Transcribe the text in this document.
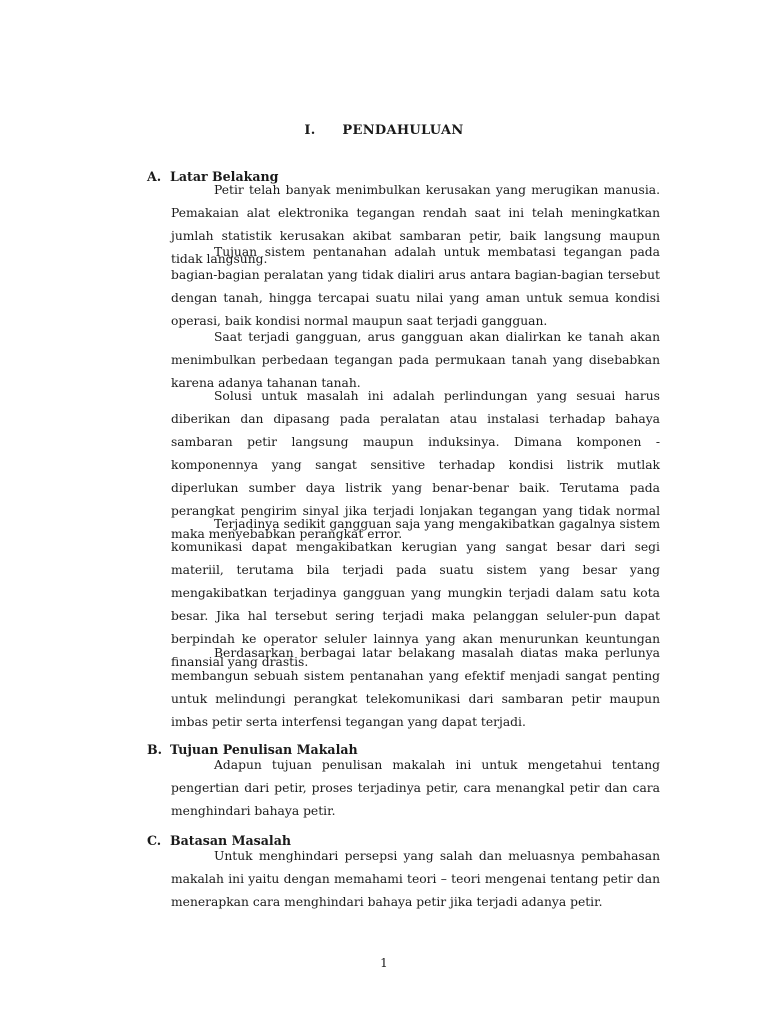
I. PENDAHULUAN
A. Latar Belakang

Petir telah banyak menimbulkan kerusakan yang merugikan manusia. Pemakaian alat elektronika tegangan rendah saat ini telah meningkatkan jumlah statistik kerusakan akibat sambaran petir, baik langsung maupun tidak langsung.

Tujuan sistem pentanahan adalah untuk membatasi tegangan pada bagian-bagian peralatan yang tidak dialiri arus antara bagian-bagian tersebut dengan tanah, hingga tercapai suatu nilai yang aman untuk semua kondisi operasi, baik kondisi normal maupun saat terjadi gangguan.

Saat terjadi gangguan, arus gangguan akan dialirkan ke tanah akan menimbulkan perbedaan tegangan pada permukaan tanah yang disebabkan karena adanya tahanan tanah.

Solusi untuk masalah ini adalah perlindungan yang sesuai harus diberikan dan dipasang pada peralatan atau instalasi terhadap bahaya sambaran petir langsung maupun induksinya. Dimana komponen - komponennya yang sangat sensitive terhadap kondisi listrik mutlak diperlukan sumber daya listrik yang benar-benar baik. Terutama pada perangkat pengirim sinyal jika terjadi lonjakan tegangan yang tidak normal maka menyebabkan perangkat error.

Terjadinya sedikit gangguan saja yang mengakibatkan gagalnya sistem komunikasi dapat mengakibatkan kerugian yang sangat besar dari segi materiil, terutama bila terjadi pada suatu sistem yang besar yang mengakibatkan terjadinya gangguan yang mungkin terjadi dalam satu kota besar. Jika hal tersebut sering terjadi maka pelanggan seluler-pun dapat berpindah ke operator seluler lainnya yang akan menurunkan keuntungan finansial yang drastis.

Berdasarkan berbagai latar belakang masalah diatas maka perlunya membangun sebuah sistem pentanahan yang efektif menjadi sangat penting untuk melindungi perangkat telekomunikasi dari sambaran petir maupun imbas petir serta interfensi tegangan yang dapat terjadi.

B. Tujuan Penulisan Makalah

Adapun tujuan penulisan makalah ini untuk mengetahui tentang pengertian dari petir, proses terjadinya petir, cara menangkal petir dan cara menghindari bahaya petir.

C. Batasan Masalah

Untuk menghindari persepsi yang salah dan meluasnya pembahasan makalah ini yaitu dengan memahami teori – teori mengenai tentang petir dan menerapkan cara menghindari bahaya petir jika terjadi adanya petir.

1
